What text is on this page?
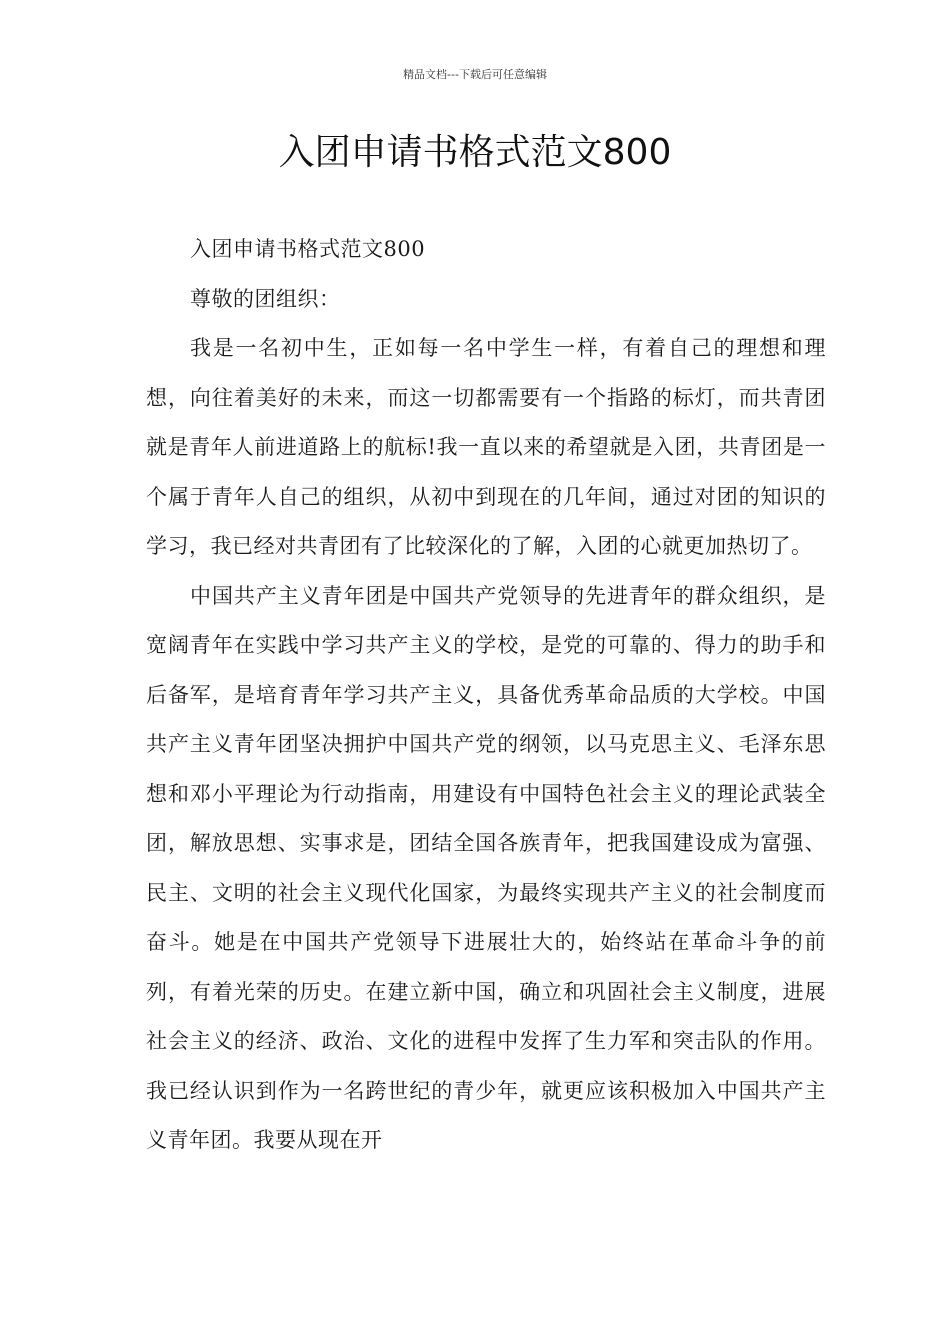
精品文档---下载后可任意编辑
入团申请书格式范文800

入团申请书格式范文800

尊敬的团组织：

我是一名初中生，正如每一名中学生一样，有着自己的理想和理想，向往着美好的未来，而这一切都需要有一个指路的标灯，而共青团就是青年人前进道路上的航标!我一直以来的希望就是入团，共青团是一个属于青年人自己的组织，从初中到现在的几年间，通过对团的知识的学习，我已经对共青团有了比较深化的了解，入团的心就更加热切了。

中国共产主义青年团是中国共产党领导的先进青年的群众组织，是宽阔青年在实践中学习共产主义的学校，是党的可靠的、得力的助手和后备军，是培育青年学习共产主义，具备优秀革命品质的大学校。中国共产主义青年团坚决拥护中国共产党的纲领，以马克思主义、毛泽东思想和邓小平理论为行动指南，用建设有中国特色社会主义的理论武装全团，解放思想、实事求是，团结全国各族青年，把我国建设成为富强、民主、文明的社会主义现代化国家，为最终实现共产主义的社会制度而奋斗。她是在中国共产党领导下进展壮大的，始终站在革命斗争的前列，有着光荣的历史。在建立新中国，确立和巩固社会主义制度，进展社会主义的经济、政治、文化的进程中发挥了生力军和突击队的作用。我已经认识到作为一名跨世纪的青少年，就更应该积极加入中国共产主义青年团。我要从现在开
